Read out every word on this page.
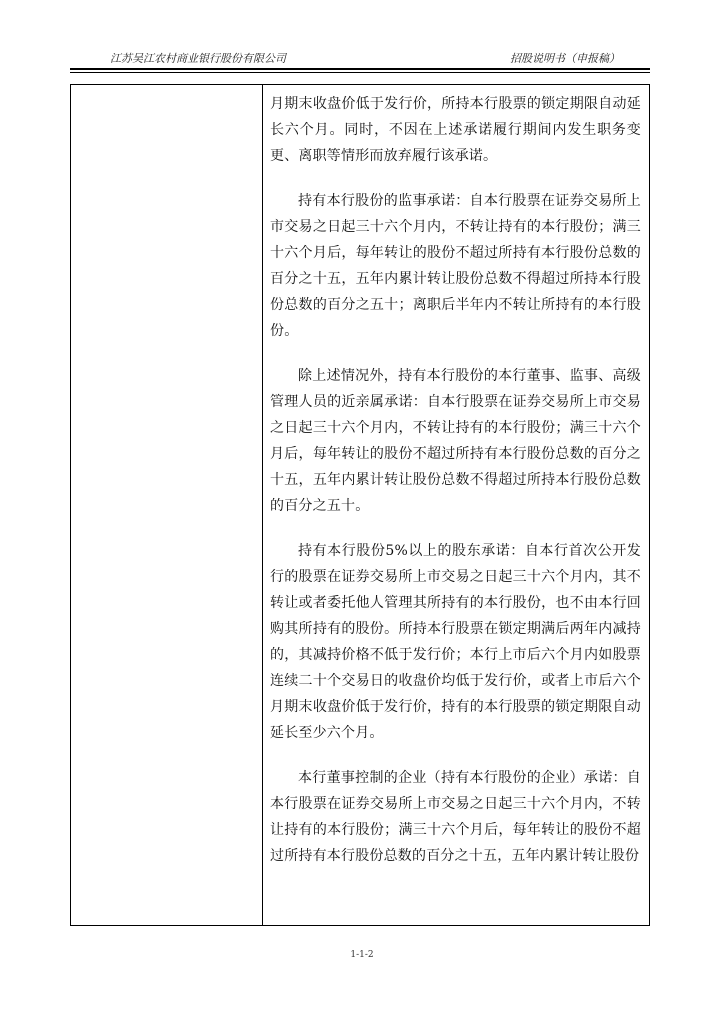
江苏吴江农村商业银行股份有限公司	招股说明书（申报稿）

月期末收盘价低于发行价，所持本行股票的锁定期限自动延长六个月。同时，不因在上述承诺履行期间内发生职务变更、离职等情形而放弃履行该承诺。

持有本行股份的监事承诺：自本行股票在证券交易所上市交易之日起三十六个月内，不转让持有的本行股份；满三十六个月后，每年转让的股份不超过所持有本行股份总数的百分之十五，五年内累计转让股份总数不得超过所持本行股份总数的百分之五十；离职后半年内不转让所持有的本行股份。

除上述情况外，持有本行股份的本行董事、监事、高级管理人员的近亲属承诺：自本行股票在证券交易所上市交易之日起三十六个月内，不转让持有的本行股份；满三十六个月后，每年转让的股份不超过所持有本行股份总数的百分之十五，五年内累计转让股份总数不得超过所持本行股份总数的百分之五十。

持有本行股份5%以上的股东承诺：自本行首次公开发行的股票在证券交易所上市交易之日起三十六个月内，其不转让或者委托他人管理其所持有的本行股份，也不由本行回购其所持有的股份。所持本行股票在锁定期满后两年内减持的，其减持价格不低于发行价；本行上市后六个月内如股票连续二十个交易日的收盘价均低于发行价，或者上市后六个月期末收盘价低于发行价，持有的本行股票的锁定期限自动延长至少六个月。

本行董事控制的企业（持有本行股份的企业）承诺：自本行股票在证券交易所上市交易之日起三十六个月内，不转让持有的本行股份；满三十六个月后，每年转让的股份不超过所持有本行股份总数的百分之十五，五年内累计转让股份

1-1-2
